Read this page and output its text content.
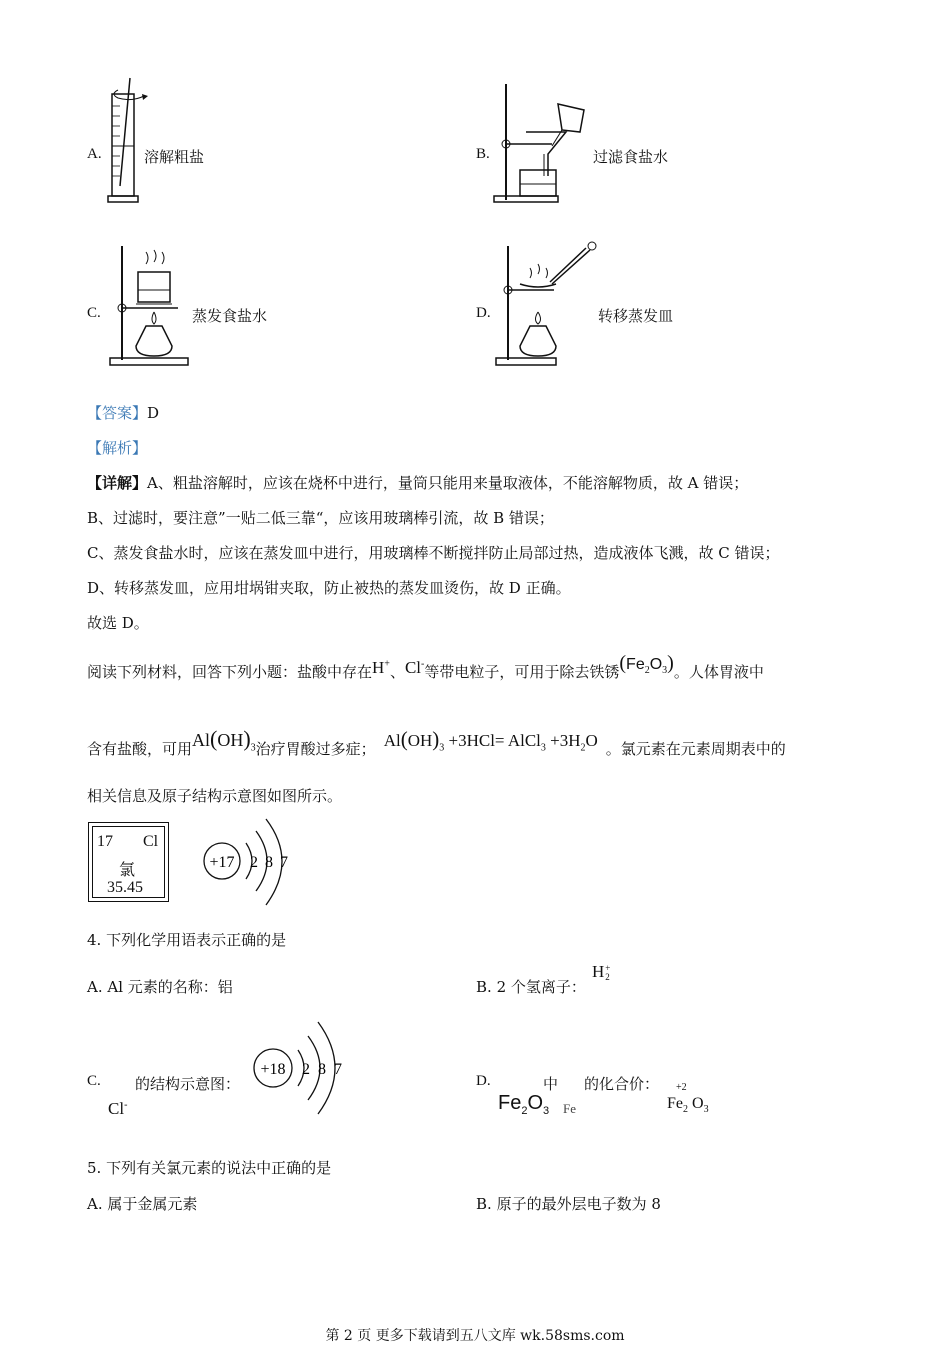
A.	溶解粗盐	B.	过滤食盐水
C.	蒸发食盐水	D.	转移蒸发皿
【答案】D
【解析】
【详解】A、粗盐溶解时，应该在烧杯中进行，量筒只能用来量取液体，不能溶解物质，故 A 错误；
B、过滤时，要注意”一贴二低三靠“，应该用玻璃棒引流，故 B 错误；
C、蒸发食盐水时，应该在蒸发皿中进行，用玻璃棒不断搅拌防止局部过热，造成液体飞溅，故 C 错误；
D、转移蒸发皿，应用坩埚钳夹取，防止被热的蒸发皿烫伤，故 D 正确。
故选 D。
阅读下列材料，回答下列小题：盐酸中存在H+、Cl-等带电粒子，可用于除去铁锈$(Fe_2O_3)$。人体胃液中
含有盐酸，可用$Al(OH)_3$治疗胃酸过多症； $Al(OH)_3 +3HCl=$ AlCl$_3$ $+3H_2O$ 。氯元素在元素周期表中的
相关信息及原子结构示意图如图所示。
17 Cl
氯
35.45
+17 2 8 7
4. 下列化学用语表示正确的是
A. Al 元素的名称：铝	B. 2 个氢离子：
H +
2
C. 的结构示意图：
Cl-
+18 2 8 7
D.	中 的化合价：
$Fe_2O_3$ Fe
+2
$Fe_2$ $O_3$
5. 下列有关氯元素的说法中正确的是
A. 属于金属元素	B. 原子的最外层电子数为 8
第 2 页 更多下载请到五八文库 wk.58sms.com
